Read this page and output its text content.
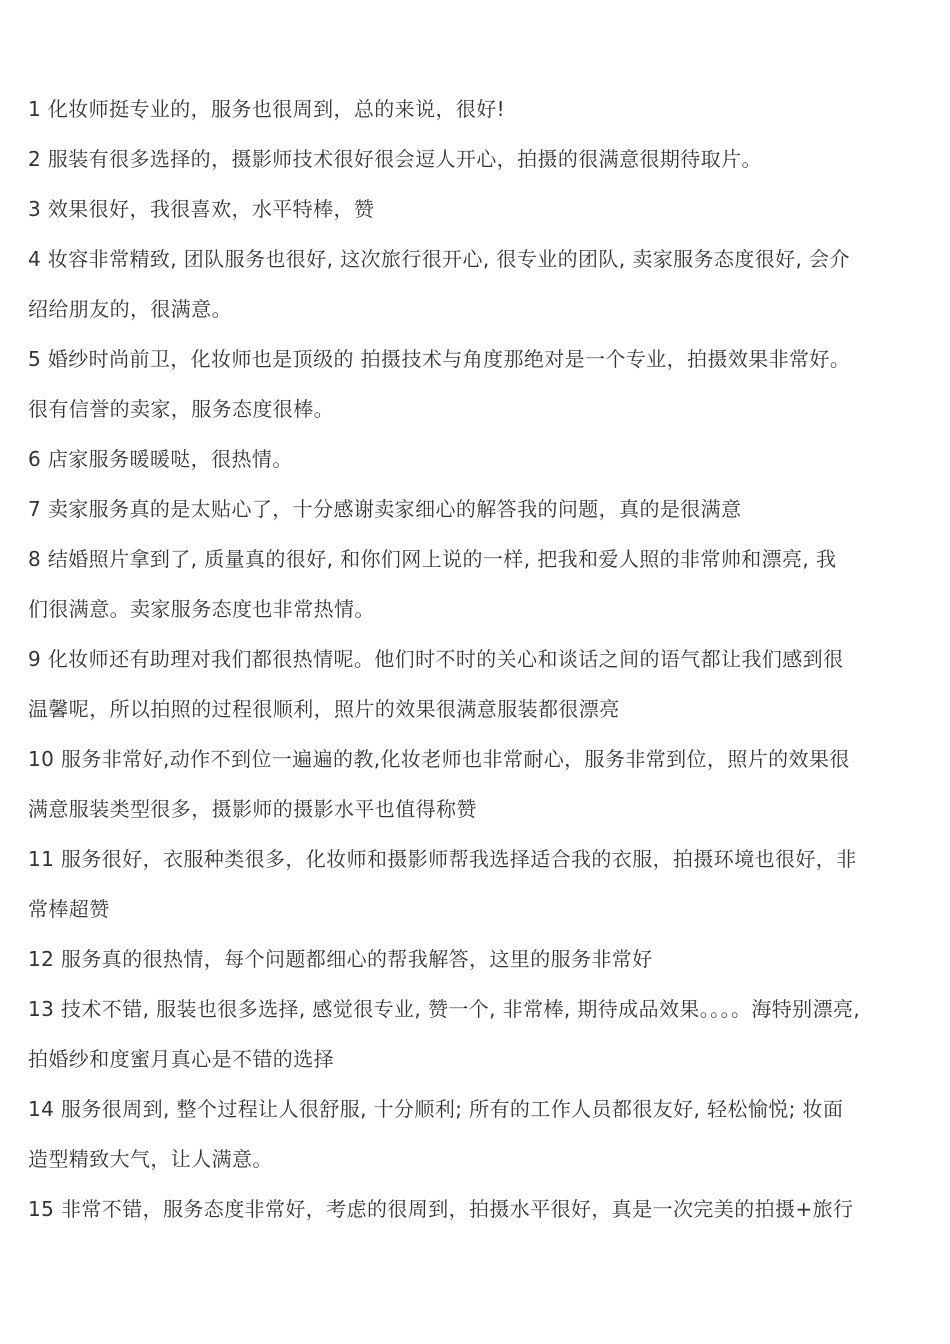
1 化妆师挺专业的，服务也很周到，总的来说，很好!

2 服装有很多选择的，摄影师技术很好很会逗人开心，拍摄的很满意很期待取片。

3 效果很好，我很喜欢，水平特棒，赞

4 妆容非常精致, 团队服务也很好, 这次旅行很开心, 很专业的团队, 卖家服务态度很好, 会介
绍给朋友的，很满意。

5 婚纱时尚前卫，化妆师也是顶级的 拍摄技术与角度那绝对是一个专业，拍摄效果非常好。
很有信誉的卖家，服务态度很棒。

6 店家服务暖暖哒，很热情。

7 卖家服务真的是太贴心了，十分感谢卖家细心的解答我的问题，真的是很满意

8 结婚照片拿到了, 质量真的很好, 和你们网上说的一样, 把我和爱人照的非常帅和漂亮, 我
们很满意。卖家服务态度也非常热情。

9 化妆师还有助理对我们都很热情呢。他们时不时的关心和谈话之间的语气都让我们感到很
温馨呢，所以拍照的过程很顺利，照片的效果很满意服装都很漂亮

10 服务非常好,动作不到位一遍遍的教,化妆老师也非常耐心，服务非常到位，照片的效果很
满意服装类型很多，摄影师的摄影水平也值得称赞

11 服务很好，衣服种类很多，化妆师和摄影师帮我选择适合我的衣服，拍摄环境也很好，非
常棒超赞

12 服务真的很热情，每个问题都细心的帮我解答，这里的服务非常好

13 技术不错, 服装也很多选择, 感觉很专业, 赞一个, 非常棒, 期待成品效果。。。。海特别漂亮,
拍婚纱和度蜜月真心是不错的选择

14 服务很周到, 整个过程让人很舒服, 十分顺利; 所有的工作人员都很友好, 轻松愉悦; 妆面
造型精致大气，让人满意。

15 非常不错，服务态度非常好，考虑的很周到，拍摄水平很好，真是一次完美的拍摄+旅行
